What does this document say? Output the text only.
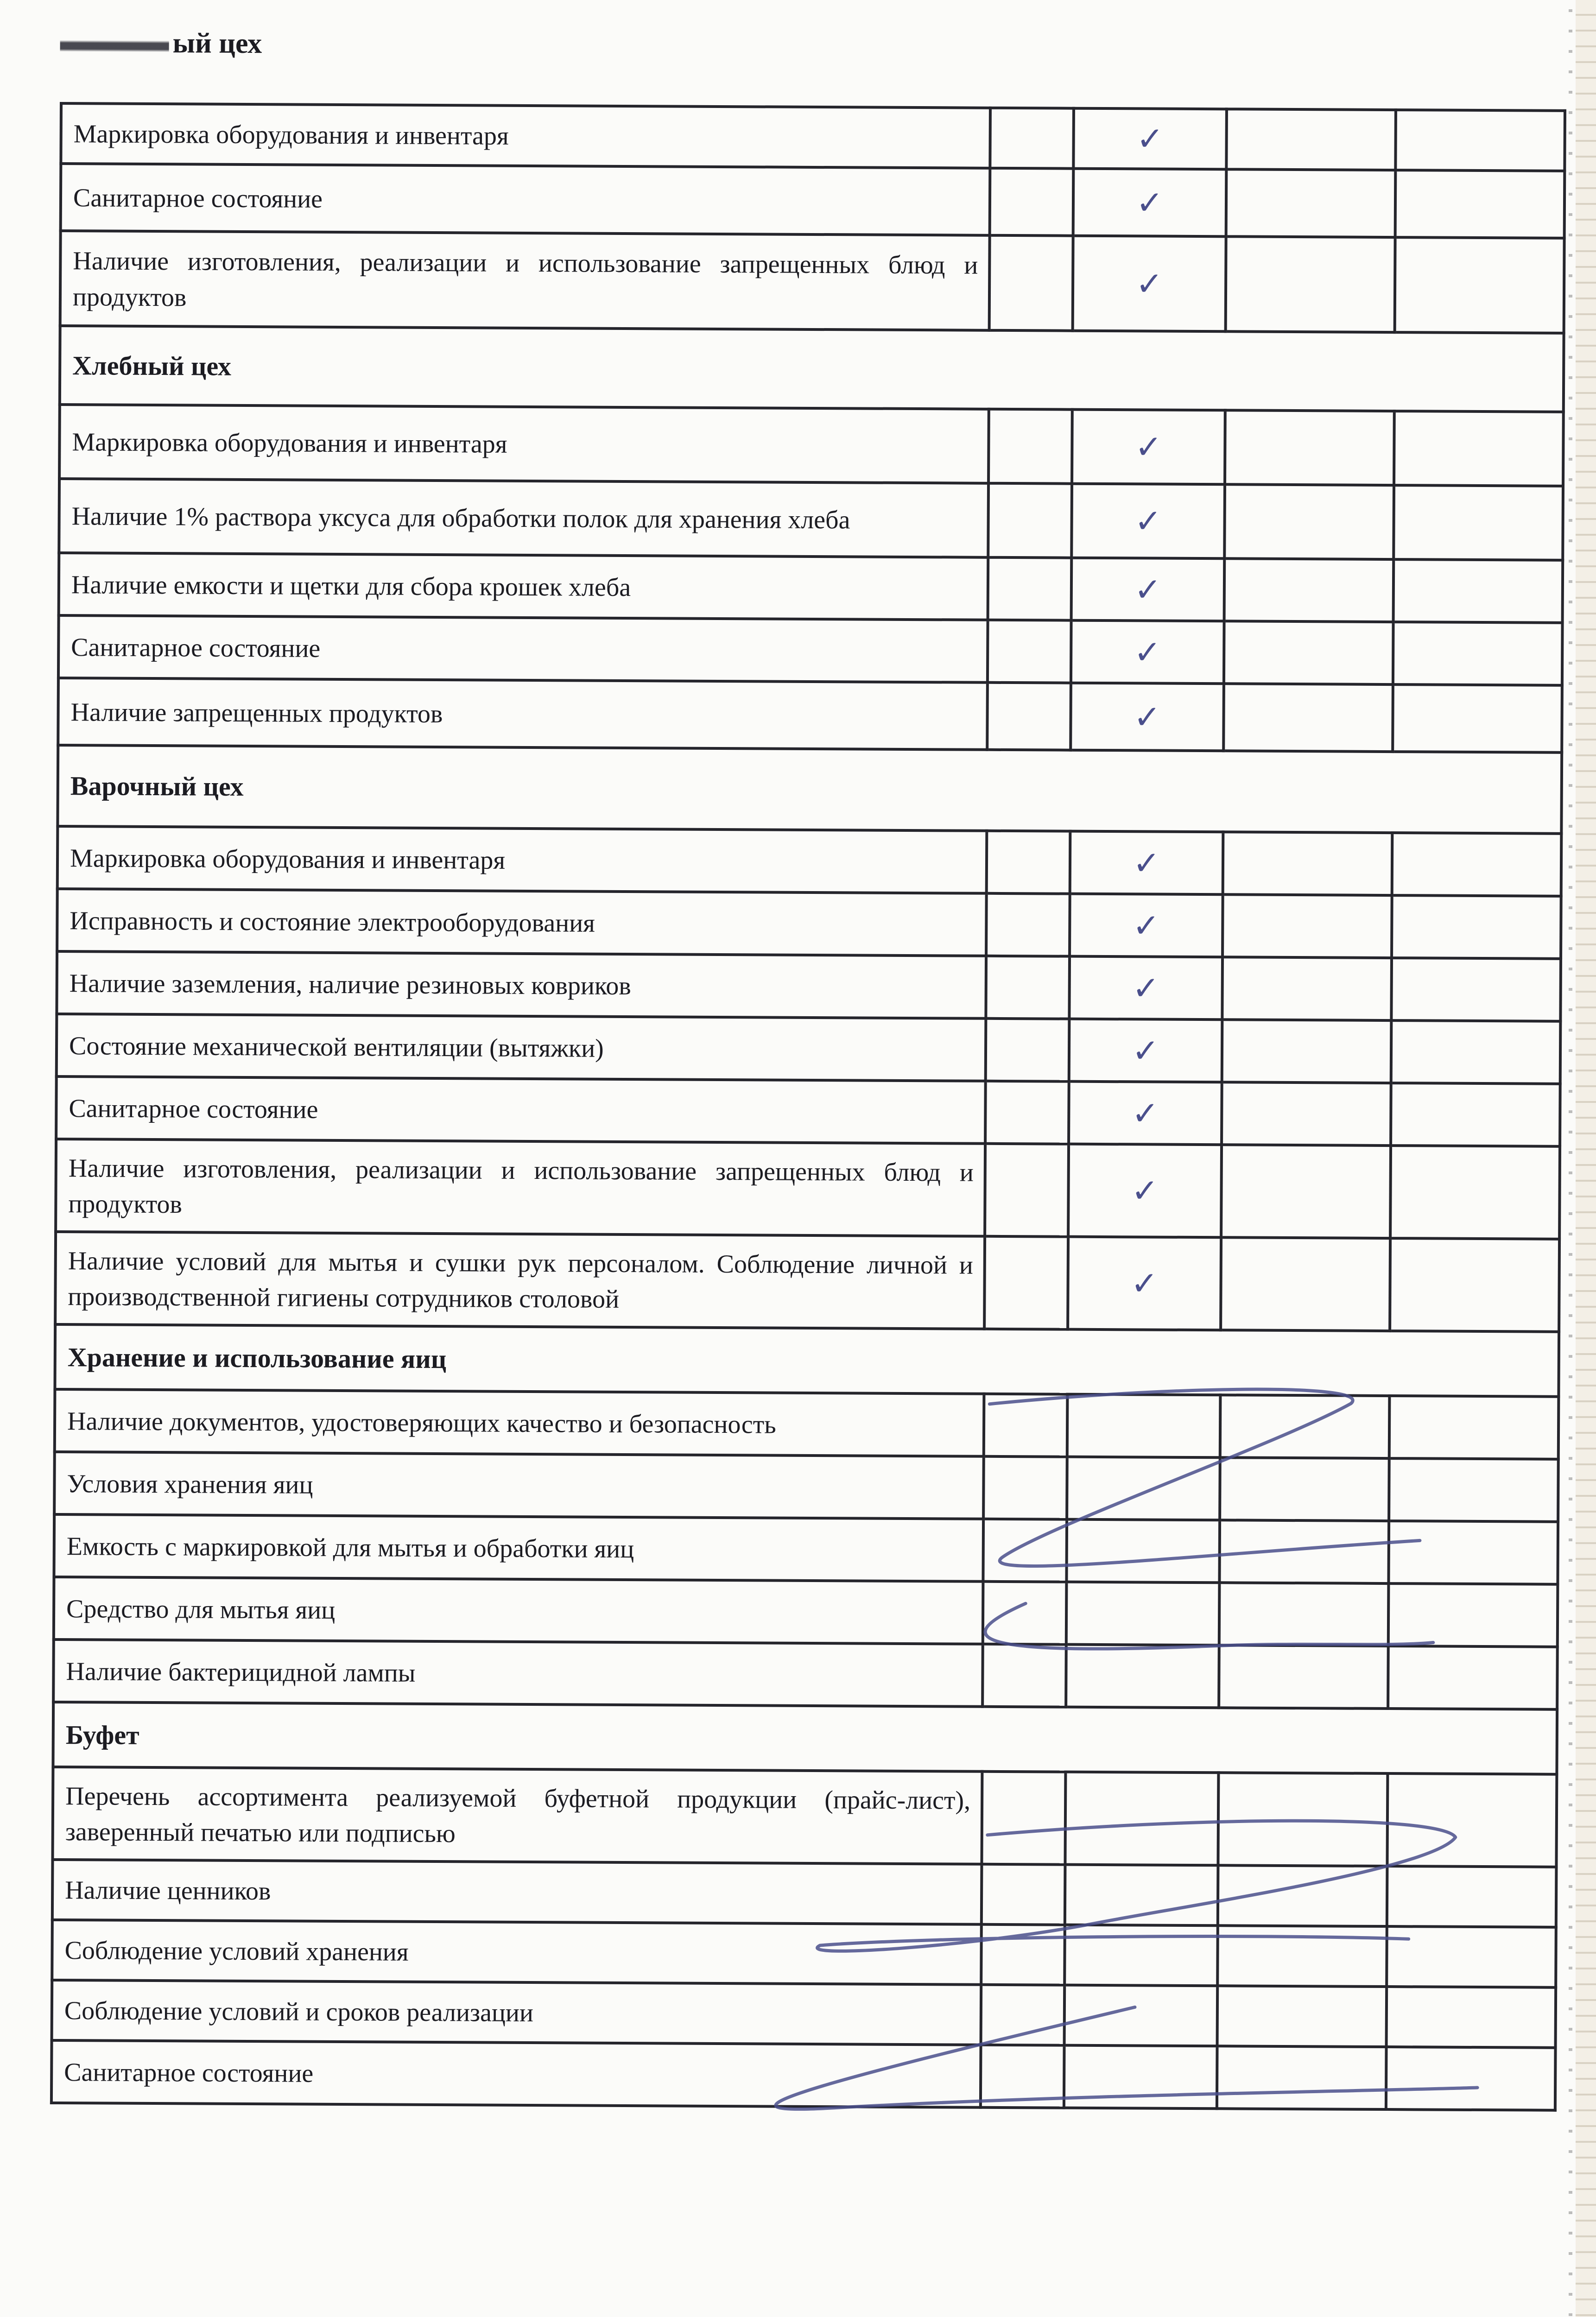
ый цех
Маркировка оборудования и инвентаря		✓		
Санитарное состояние		✓		
Наличие изготовления, реализации и использование запрещенных блюд и продуктов		✓		
Хлебный цех				
Маркировка оборудования и инвентаря		✓		
Наличие 1% раствора уксуса для обработки полок для хранения хлеба		✓		
Наличие емкости и щетки для сбора крошек хлеба		✓		
Санитарное состояние		✓		
Наличие запрещенных продуктов		✓		
Варочный цех				
Маркировка оборудования и инвентаря		✓		
Исправность и состояние электрооборудования		✓		
Наличие заземления, наличие резиновых ковриков		✓		
Состояние механической вентиляции (вытяжки)		✓		
Санитарное состояние		✓		
Наличие изготовления, реализации и использование запрещенных блюд и продуктов		✓		
Наличие условий для мытья и сушки рук персоналом. Соблюдение личной и производственной гигиены сотрудников столовой		✓		
Хранение и использование яиц				
Наличие документов, удостоверяющих качество и безопасность				
Условия хранения яиц				
Емкость с маркировкой для мытья и обработки яиц				
Средство для мытья яиц				
Наличие бактерицидной лампы				
Буфет				
Перечень ассортимента реализуемой буфетной продукции (прайс-лист), заверенный печатью или подписью				
Наличие ценников				
Соблюдение условий хранения				
Соблюдение условий и сроков реализации				
Санитарное состояние				
